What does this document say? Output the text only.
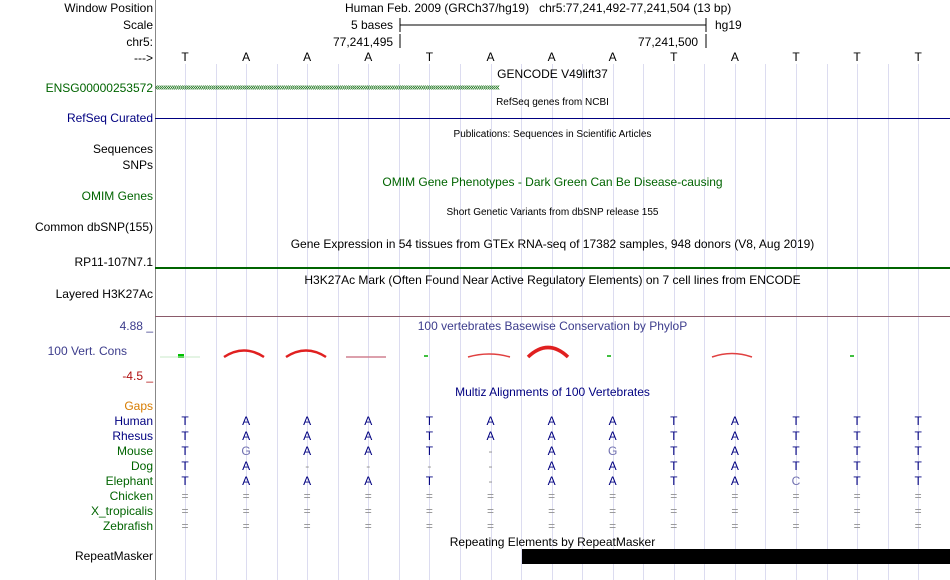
Window Position
Scale
chr5:
--->
Human Feb. 2009 (GRCh37/hg19) chr5:77,241,492-77,241,504 (13 bp)
5 bases	hg19
77,241,495	77,241,500
T	A	A	A	T	A	A	A	T	A	T	T	T
GENCODE V49lift37
ENSG00000253572 ‹‹‹‹‹‹‹‹‹‹‹‹‹‹‹‹‹‹‹‹‹‹‹‹‹‹‹‹‹‹‹‹‹‹‹‹‹‹‹‹‹‹‹‹‹‹‹‹‹‹‹‹‹‹‹‹‹‹‹‹‹‹‹‹‹‹‹‹‹‹‹‹‹‹‹‹‹‹‹‹‹‹‹‹‹‹‹‹‹‹‹‹‹‹‹‹‹‹‹‹‹‹‹‹‹‹‹‹‹‹‹‹‹‹‹‹‹‹‹‹‹‹‹‹‹‹‹‹‹‹‹‹‹‹‹‹‹‹‹‹‹‹‹‹‹‹‹‹‹‹‹‹‹‹‹‹‹‹‹‹‹‹‹‹‹‹‹‹‹‹‹‹‹‹‹‹‹‹
RefSeq genes from NCBI
RefSeq Curated
Publications: Sequences in Scientific Articles
Sequences
SNPs
OMIM Gene Phenotypes - Dark Green Can Be Disease-causing
OMIM Genes
Short Genetic Variants from dbSNP release 155
Common dbSNP(155)
Gene Expression in 54 tissues from GTEx RNA-seq of 17382 samples, 948 donors (V8, Aug 2019)
RP11-107N7.1
H3K27Ac Mark (Often Found Near Active Regulatory Elements) on 7 cell lines from ENCODE
Layered H3K27Ac
100 vertebrates Basewise Conservation by PhyloP
4.88 _
100 Vert. Cons
-4.5 _
Multiz Alignments of 100 Vertebrates
Gaps
Human
Rhesus
Mouse
Dog
Elephant
Chicken
X_tropicalis
Zebrafish
T	A	A	A	T	A	A	A	T	A	T	T	T
T	A	A	A	T	A	A	A	T	A	T	T	T
T	G	A	A	T	-	A	G	T	A	T	T	T
T	A	-	-	-	-	A	A	T	A	T	T	T
T	A	A	A	T	-	A	A	T	A	C	T	T
=	=	=	=	=	=	=	=	=	=	=	=	=
=	=	=	=	=	=	=	=	=	=	=	=	=
=	=	=	=	=	=	=	=	=	=	=	=	=
Repeating Elements by RepeatMasker
RepeatMasker
